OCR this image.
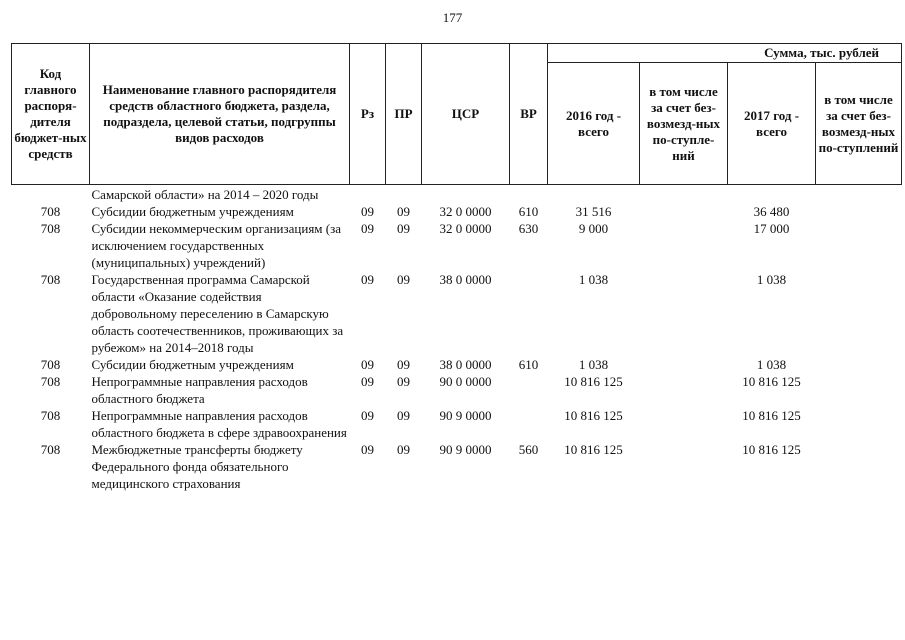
177
Код главного распоря-дителя бюджет-ных средств	Наименование главного распорядителя средств областного бюджета, раздела, подраздела, целевой статьи, подгруппы видов расходов	Рз	ПР	ЦСР	ВР	Сумма, тыс. рублей			
						2016 год - всего	в том числе за счет без-возмезд-ных по-ступле-ний	2017 год - всего	в том числе за счет без-возмезд-ных по-ступлений
	Самарской области» на 2014 – 2020 годы								
708	Субсидии бюджетным учреждениям	09	09	32 0 0000	610	31 516		36 480	
708	Субсидии некоммерческим организациям (за исключением государственных (муниципальных) учреждений)	09	09	32 0 0000	630	9 000		17 000	
708	Государственная программа Самарской области «Оказание содействия добровольному переселению в Самарскую область соотечественников, проживающих за рубежом» на 2014–2018 годы	09	09	38 0 0000		1 038		1 038	
708	Субсидии бюджетным учреждениям	09	09	38 0 0000	610	1 038		1 038	
708	Непрограммные направления расходов областного бюджета	09	09	90 0 0000		10 816 125		10 816 125	
708	Непрограммные направления расходов областного бюджета в сфере здравоохранения	09	09	90 9 0000		10 816 125		10 816 125	
708	Межбюджетные трансферты бюджету Федерального фонда обязательного медицинского страхования	09	09	90 9 0000	560	10 816 125		10 816 125	
